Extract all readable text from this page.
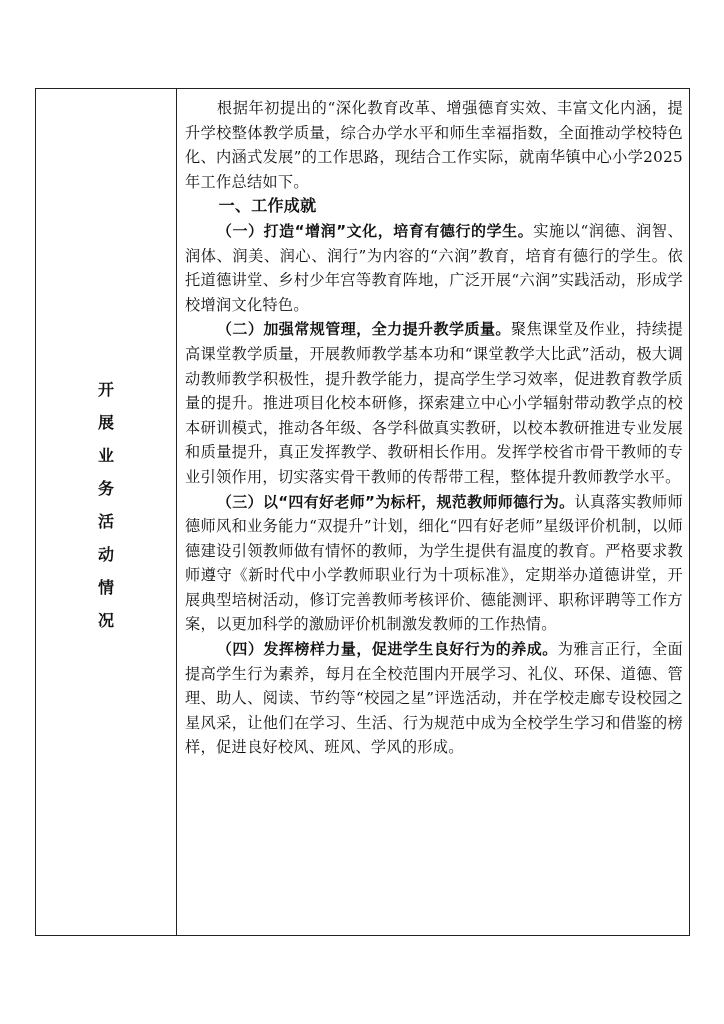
开
展
业
务
活
动
情
况

根据年初提出的“深化教育改革、增强德育实效、丰富文化内涵，提升学校整体教学质量，综合办学水平和师生幸福指数，全面推动学校特色化、内涵式发展”的工作思路，现结合工作实际，就南华镇中心小学2025年工作总结如下。

一、工作成就

（一）打造“增润”文化，培育有德行的学生。实施以“润德、润智、润体、润美、润心、润行”为内容的“六润”教育，培育有德行的学生。依托道德讲堂、乡村少年宫等教育阵地，广泛开展“六润”实践活动，形成学校增润文化特色。

（二）加强常规管理，全力提升教学质量。聚焦课堂及作业，持续提高课堂教学质量，开展教师教学基本功和“课堂教学大比武”活动，极大调动教师教学积极性，提升教学能力，提高学生学习效率，促进教育教学质量的提升。推进项目化校本研修，探索建立中心小学辐射带动教学点的校本研训模式，推动各年级、各学科做真实教研，以校本教研推进专业发展和质量提升，真正发挥教学、教研相长作用。发挥学校省市骨干教师的专业引领作用，切实落实骨干教师的传帮带工程，整体提升教师教学水平。

（三）以“四有好老师”为标杆，规范教师师德行为。认真落实教师师德师风和业务能力“双提升”计划，细化“四有好老师”星级评价机制，以师德建设引领教师做有情怀的教师，为学生提供有温度的教育。严格要求教师遵守《新时代中小学教师职业行为十项标准》，定期举办道德讲堂，开展典型培树活动，修订完善教师考核评价、德能测评、职称评聘等工作方案，以更加科学的激励评价机制激发教师的工作热情。

（四）发挥榜样力量，促进学生良好行为的养成。为雅言正行，全面提高学生行为素养，每月在全校范围内开展学习、礼仪、环保、道德、管理、助人、阅读、节约等“校园之星”评选活动，并在学校走廊专设校园之星风采，让他们在学习、生活、行为规范中成为全校学生学习和借鉴的榜样，促进良好校风、班风、学风的形成。
